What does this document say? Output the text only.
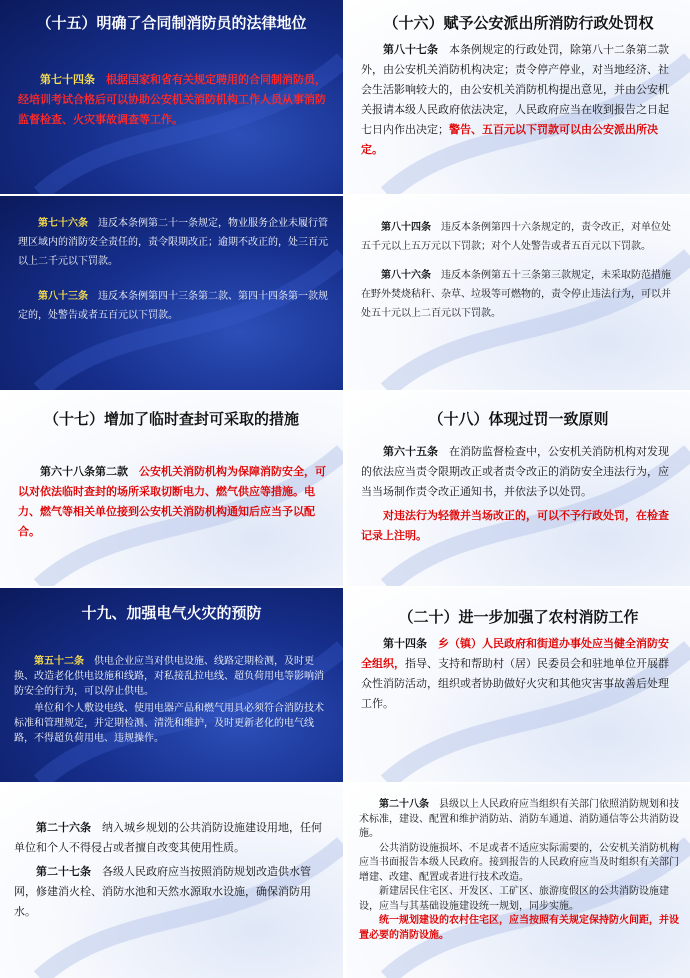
（十五）明确了合同制消防员的法律地位

第七十四条　 根据国家和省有关规定聘用的合同制消防员，经培训考试合格后可以协助公安机关消防机构工作人员从事消防监督检查、火灾事故调查等工作。

（十六）赋予公安派出所消防行政处罚权

第八十七条　 本条例规定的行政处罚，除第八十二条第二款外，由公安机关消防机构决定；责令停产停业，对当地经济、社会生活影响较大的，由公安机关消防机构提出意见，并由公安机关报请本级人民政府依法决定，人民政府应当在收到报告之日起七日内作出决定；警告、五百元以下罚款可以由公安派出所决定。

第七十六条　 违反本条例第二十一条规定，物业服务企业未履行管理区域内的消防安全责任的，责令限期改正；逾期不改正的，处三百元以上二千元以下罚款。

第八十三条　 违反本条例第四十三条第二款、第四十四条第一款规定的，处警告或者五百元以下罚款。

第八十四条　 违反本条例第四十六条规定的，责令改正，对单位处五千元以上五万元以下罚款；对个人处警告或者五百元以下罚款。

第八十六条　 违反本条例第五十三条第三款规定，未采取防范措施在野外焚烧秸秆、杂草、垃圾等可燃物的，责令停止违法行为，可以并处五十元以上二百元以下罚款。

（十七）增加了临时查封可采取的措施

第六十八条第二款　 公安机关消防机构为保障消防安全，可以对依法临时查封的场所采取切断电力、燃气供应等措施。电力、燃气等相关单位接到公安机关消防机构通知后应当予以配合。

（十八）体现过罚一致原则

第六十五条　 在消防监督检查中，公安机关消防机构对发现的依法应当责令限期改正或者责令改正的消防安全违法行为，应当当场制作责令改正通知书，并依法予以处罚。

对违法行为轻微并当场改正的，可以不予行政处罚，在检查记录上注明。

十九、加强电气火灾的预防

第五十二条　 供电企业应当对供电设施、线路定期检测，及时更换、改造老化供电设施和线路，对私接乱拉电线、超负荷用电等影响消防安全的行为，可以停止供电。

单位和个人敷设电线、使用电器产品和燃气用具必须符合消防技术标准和管理规定，并定期检测、清洗和维护，及时更新老化的电气线路，不得超负荷用电、违规操作。

（二十）进一步加强了农村消防工作

第十四条　 乡（镇）人民政府和街道办事处应当健全消防安全组织，指导、支持和帮助村（居）民委员会和驻地单位开展群众性消防活动，组织或者协助做好火灾和其他灾害事故善后处理工作。

第二十六条　 纳入城乡规划的公共消防设施建设用地，任何单位和个人不得侵占或者擅自改变其使用性质。

第二十七条　 各级人民政府应当按照消防规划改造供水管网，修建消火栓、消防水池和天然水源取水设施，确保消防用水。

第二十八条　 县级以上人民政府应当组织有关部门依照消防规划和技术标准，建设、配置和维护消防站、消防车通道、消防通信等公共消防设施。

公共消防设施损坏、不足或者不适应实际需要的，公安机关消防机构应当书面报告本级人民政府。接到报告的人民政府应当及时组织有关部门增建、改建、配置或者进行技术改造。

新建居民住宅区、开发区、工矿区、旅游度假区的公共消防设施建设，应当与其基础设施建设统一规划，同步实施。

统一规划建设的农村住宅区，应当按照有关规定保持防火间距，并设置必要的消防设施。
